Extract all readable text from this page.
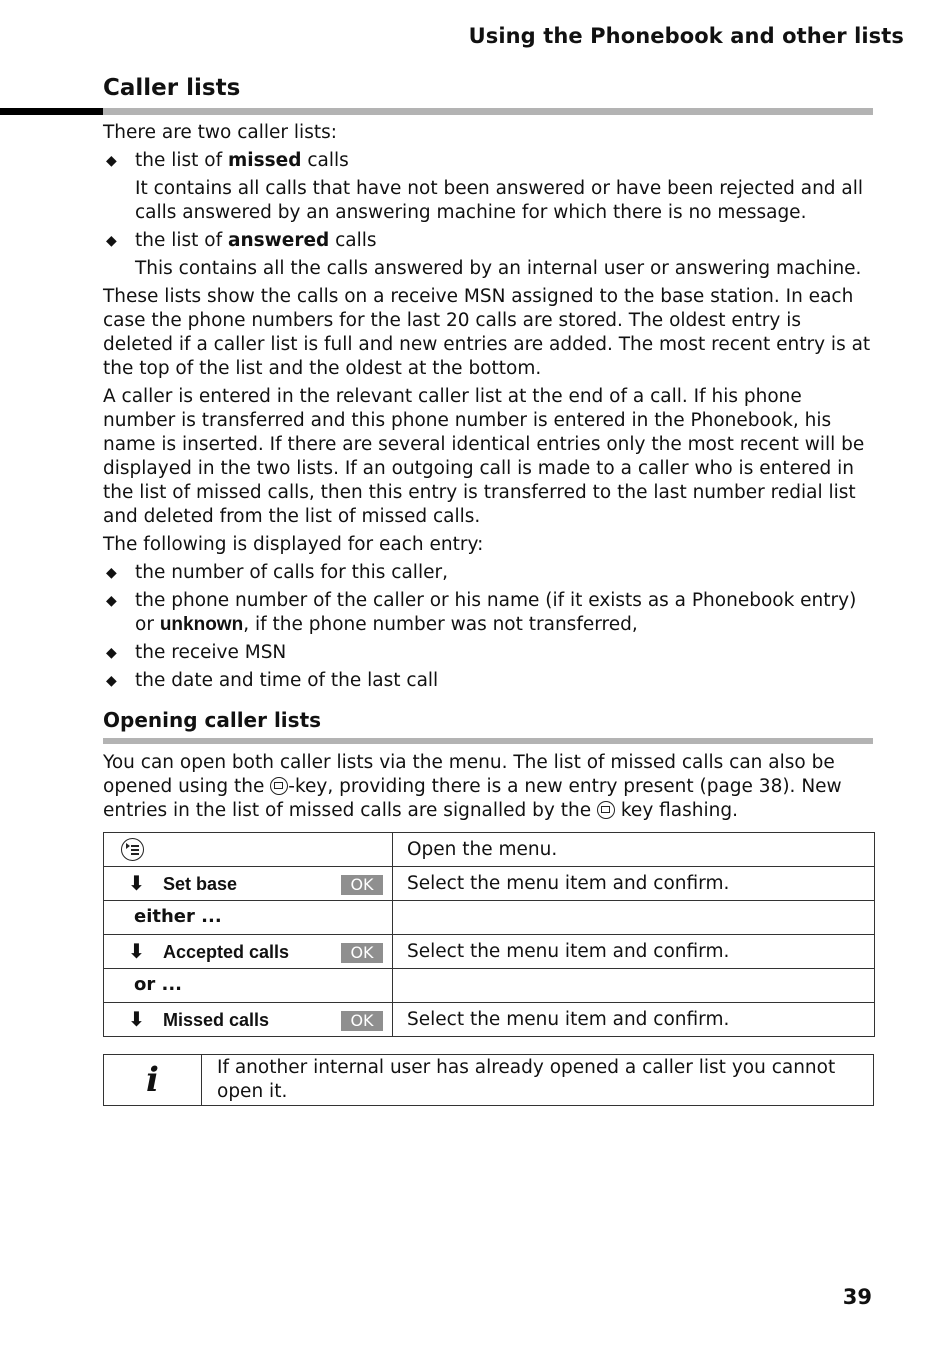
Using the Phonebook and other lists
Caller lists

There are two caller lists:

◆ the list of missed calls

It contains all calls that have not been answered or have been rejected and all calls answered by an answering machine for which there is no message.

◆ the list of answered calls

This contains all the calls answered by an internal user or answering machine.

These lists show the calls on a receive MSN assigned to the base station. In each case the phone numbers for the last 20 calls are stored. The oldest entry is deleted if a caller list is full and new entries are added. The most recent entry is at the top of the list and the oldest at the bottom.

A caller is entered in the relevant caller list at the end of a call. If his phone number is transferred and this phone number is entered in the Phonebook, his name is inserted. If there are several identical entries only the most recent will be displayed in the two lists. If an outgoing call is made to a caller who is entered in the list of missed calls, then this entry is transferred to the last number redial list and deleted from the list of missed calls.

The following is displayed for each entry:

◆ the number of calls for this caller,
◆ the phone number of the caller or his name (if it exists as a Phonebook entry) or unknown, if the phone number was not transferred,
◆ the receive MSN
◆ the date and time of the last call
Opening caller lists

You can open both caller lists via the menu. The list of missed calls can also be opened using the -key, providing there is a new entry present (page 38). New entries in the list of missed calls are signalled by the  key flashing.

	Open the menu.

⬇ Set base OK	Select the menu item and confirm.

either ...	

⬇ Accepted calls OK	Select the menu item and confirm.

or ...	

⬇ Missed calls OK	Select the menu item and confirm.
i	If another internal user has already opened a caller list you cannot open it.
39
